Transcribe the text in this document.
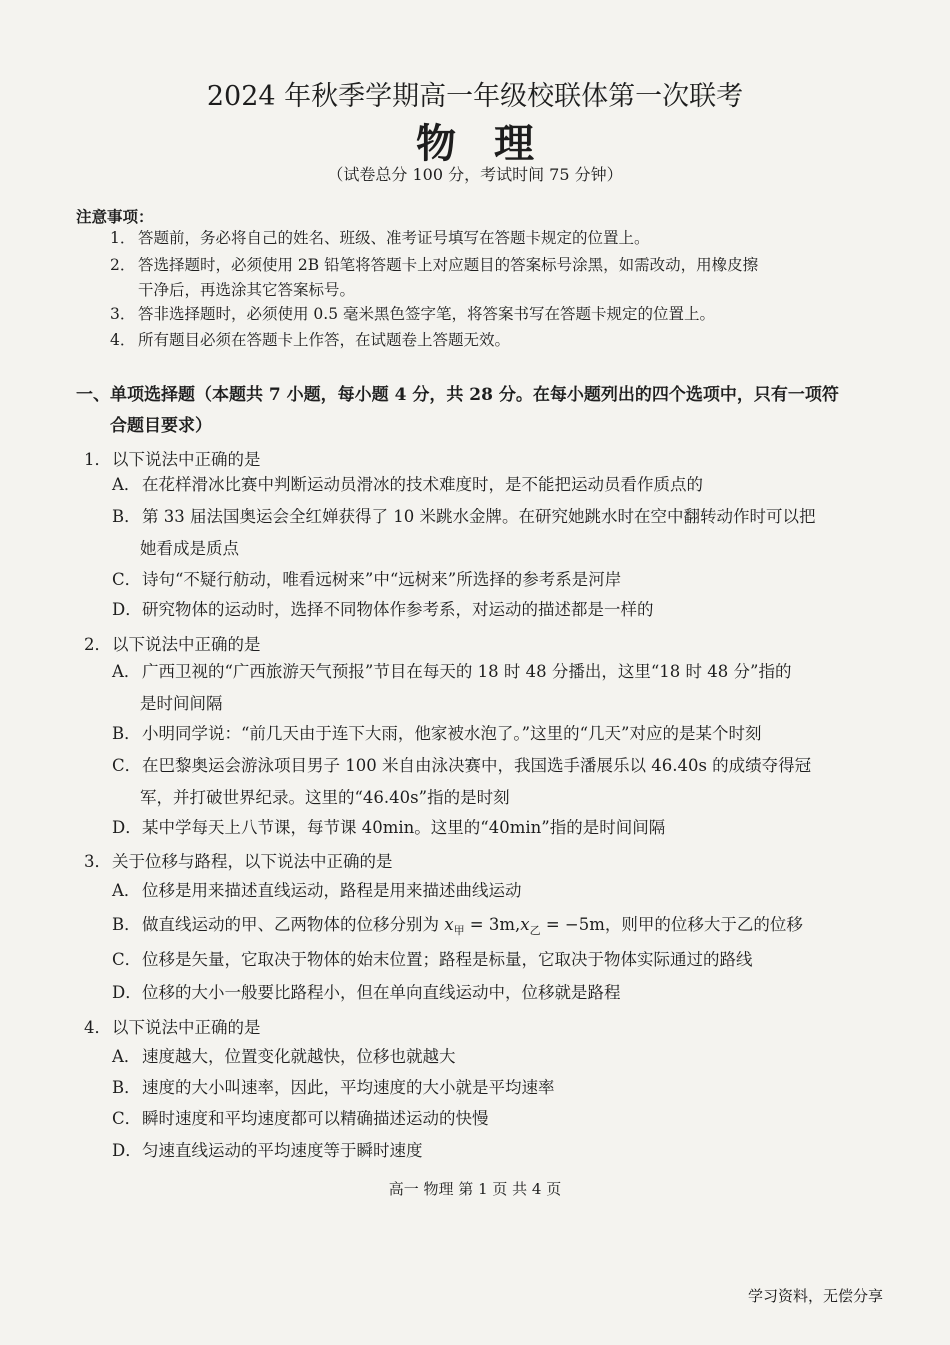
2024 年秋季学期高一年级校联体第一次联考
物理
（试卷总分 100 分，考试时间 75 分钟）
注意事项：
1． 答题前，务必将自己的姓名、班级、准考证号填写在答题卡规定的位置上。
2． 答选择题时，必须使用 2B 铅笔将答题卡上对应题目的答案标号涂黑，如需改动，用橡皮擦
干净后，再选涂其它答案标号。
3． 答非选择题时，必须使用 0.5 毫米黑色签字笔，将答案书写在答题卡规定的位置上。
4． 所有题目必须在答题卡上作答，在试题卷上答题无效。
一、单项选择题（本题共 7 小题，每小题 4 分，共 28 分。在每小题列出的四个选项中，只有一项符
合题目要求）
1．以下说法中正确的是
A．在花样滑冰比赛中判断运动员滑冰的技术难度时，是不能把运动员看作质点的
B．第 33 届法国奥运会全红婵获得了 10 米跳水金牌。在研究她跳水时在空中翻转动作时可以把
她看成是质点
C．诗句“不疑行舫动，唯看远树来”中“远树来”所选择的参考系是河岸
D．研究物体的运动时，选择不同物体作参考系，对运动的描述都是一样的
2．以下说法中正确的是
A．广西卫视的“广西旅游天气预报”节目在每天的 18 时 48 分播出，这里“18 时 48 分”指的
是时间间隔
B．小明同学说：“前几天由于连下大雨，他家被水泡了。”这里的“几天”对应的是某个时刻
C．在巴黎奥运会游泳项目男子 100 米自由泳决赛中，我国选手潘展乐以 46.40s 的成绩夺得冠
军，并打破世界纪录。这里的“46.40s”指的是时刻
D．某中学每天上八节课，每节课 40min。这里的“40min”指的是时间间隔
3．关于位移与路程，以下说法中正确的是
A．位移是用来描述直线运动，路程是用来描述曲线运动
B．做直线运动的甲、乙两物体的位移分别为 $x_甲 = 3m,x_乙 = -5m$，则甲的位移大于乙的位移
C．位移是矢量，它取决于物体的始末位置；路程是标量，它取决于物体实际通过的路线
D．位移的大小一般要比路程小，但在单向直线运动中，位移就是路程
4．以下说法中正确的是
A．速度越大，位置变化就越快，位移也就越大
B．速度的大小叫速率，因此，平均速度的大小就是平均速率
C．瞬时速度和平均速度都可以精确描述运动的快慢
D．匀速直线运动的平均速度等于瞬时速度
高一 物理 第 1 页 共 4 页
学习资料，无偿分享
